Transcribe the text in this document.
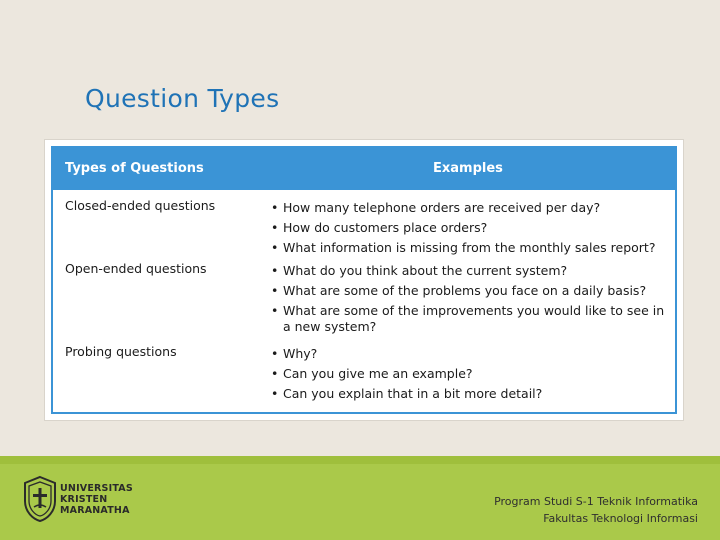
Question Types
Types of Questions	Examples
Closed-ended questions	• How many telephone orders are received per day?
• How do customers place orders?
• What information is missing from the monthly sales report?
Open-ended questions	• What do you think about the current system?
• What are some of the problems you face on a daily basis?
• What are some of the improvements you would like to see in a new system?
Probing questions	• Why?
• Can you give me an example?
• Can you explain that in a bit more detail?
UNIVERSITAS
KRISTEN
MARANATHA
Program Studi S-1 Teknik Informatika
Fakultas Teknologi Informasi
